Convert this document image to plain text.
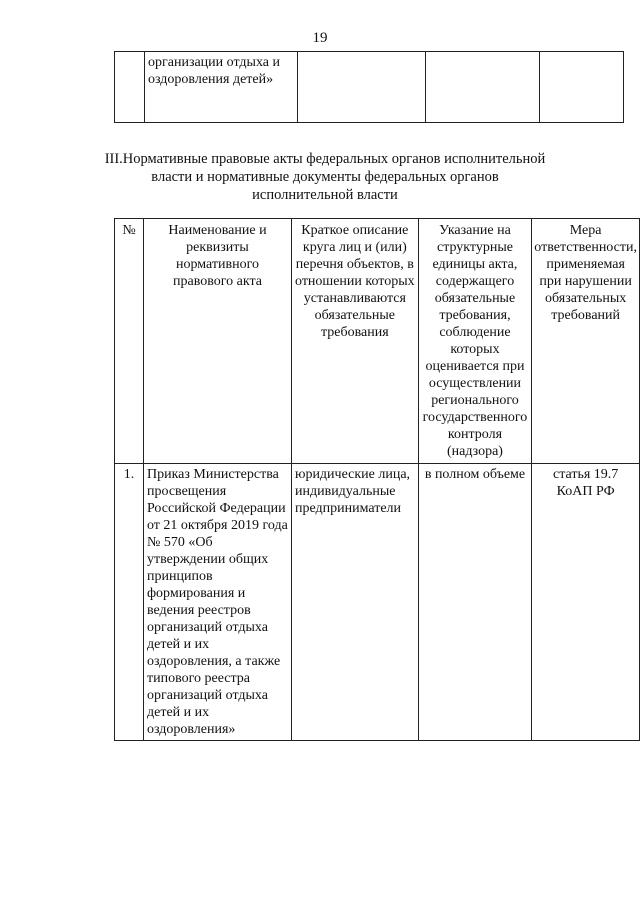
19
	организации отдыха и оздоровления детей»			
III.Нормативные правовые акты федеральных органов исполнительной власти и нормативные документы федеральных органов исполнительной власти
№	Наименование и реквизиты нормативного правового акта	Краткое описание круга лиц и (или) перечня объектов, в отношении которых устанавливаются обязательные требования	Указание на структурные единицы акта, содержащего обязательные требования, соблюдение которых оценивается при осуществлении регионального государственного контроля (надзора)	Мера ответственности, применяемая при нарушении обязательных требований
1.	Приказ Министерства просвещения Российской Федерации от 21 октября 2019 года № 570 «Об утверждении общих принципов формирования и ведения реестров организаций отдыха детей и их оздоровления, а также типового реестра организаций отдыха детей и их оздоровления»	юридические лица, индивидуальные предприниматели	в полном объеме	статья 19.7 КоАП РФ
